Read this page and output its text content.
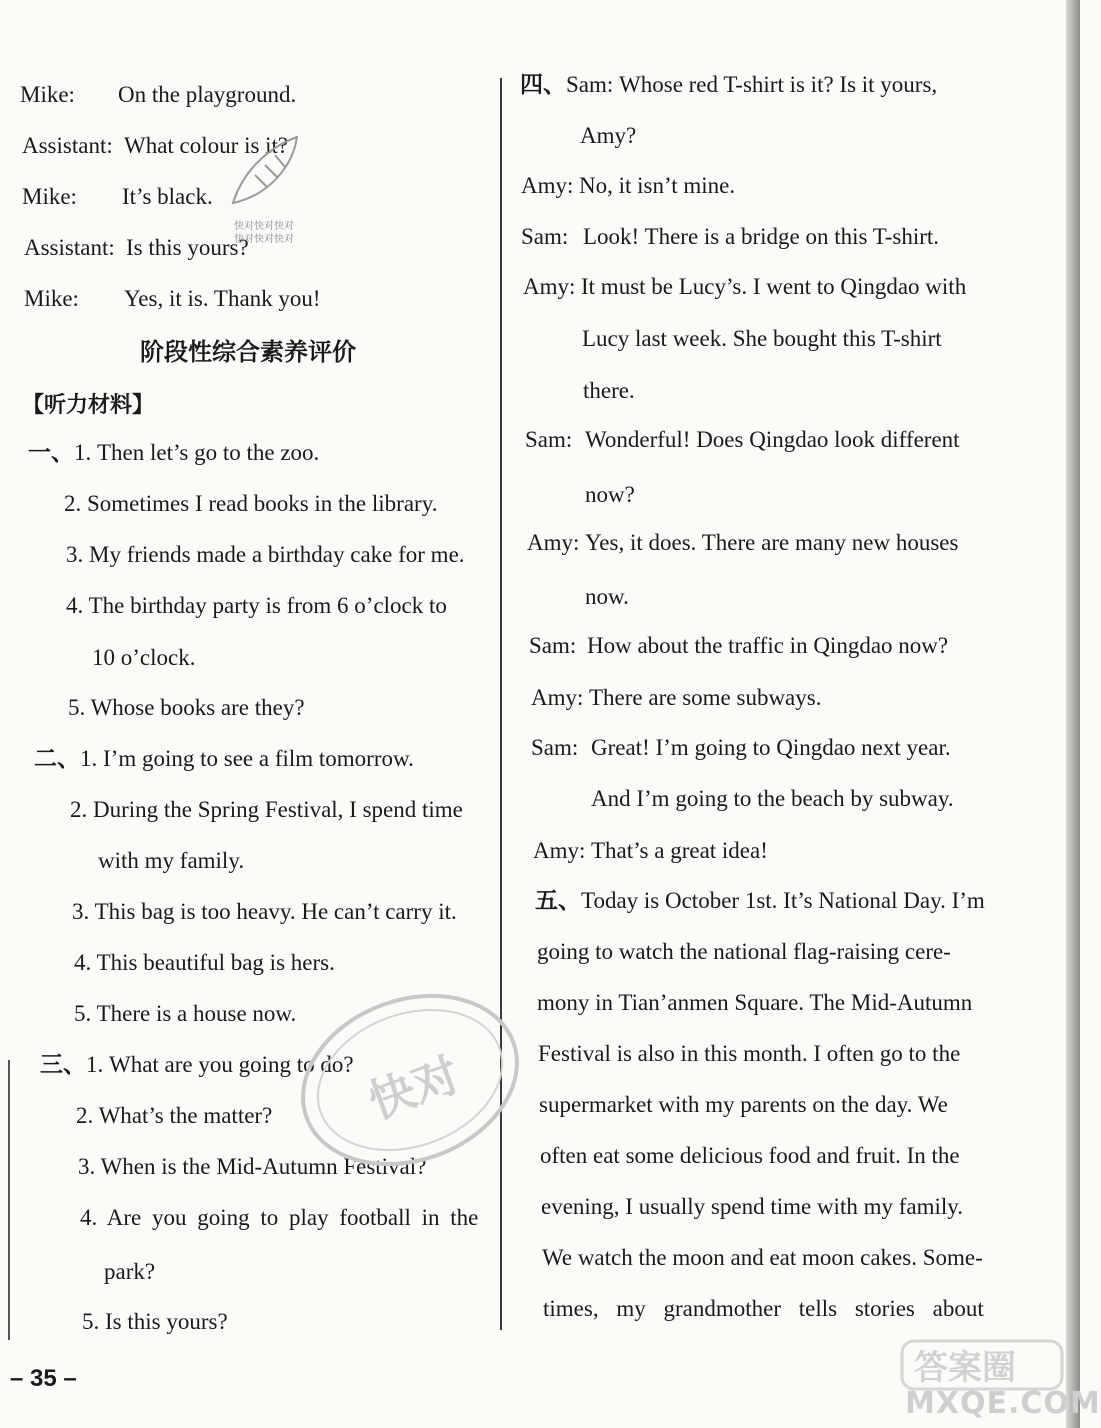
Mike: On the playground.
Assistant: What colour is it?
Mike: It’s black.
Assistant: Is this yours?
Mike: Yes, it is. Thank you!
阶段性综合素养评价
【听力材料】
一、1. Then let’s go to the zoo.
2. Sometimes I read books in the library.
3. My friends made a birthday cake for me.
4. The birthday party is from 6 o’clock to
10 o’clock.
5. Whose books are they?
二、1. I’m going to see a film tomorrow.
2. During the Spring Festival, I spend time
with my family.
3. This bag is too heavy. He can’t carry it.
4. This beautiful bag is hers.
5. There is a house now.
三、1. What are you going to do?
2. What’s the matter?
3. When is the Mid-Autumn Festival?
4. Are you going to play football in the
park?
5. Is this yours?
四、Sam: Whose red T-shirt is it? Is it yours,
Amy?
Amy: No, it isn’t mine.
Sam: Look! There is a bridge on this T-shirt.
Amy: It must be Lucy’s. I went to Qingdao with
Lucy last week. She bought this T-shirt
there.
Sam: Wonderful! Does Qingdao look different
now?
Amy: Yes, it does. There are many new houses
now.
Sam: How about the traffic in Qingdao now?
Amy: There are some subways.
Sam: Great! I’m going to Qingdao next year.
And I’m going to the beach by subway.
Amy: That’s a great idea!
五、Today is October 1st. It’s National Day. I’m
going to watch the national flag-raising cere-
mony in Tian’anmen Square. The Mid-Autumn
Festival is also in this month. I often go to the
supermarket with my parents on the day. We
often eat some delicious food and fruit. In the
evening, I usually spend time with my family.
We watch the moon and eat moon cakes. Some-
times, my grandmother tells stories about
– 35 –
快对快对快对
快对快对快对
快对
答案圈
MXQE.COM
